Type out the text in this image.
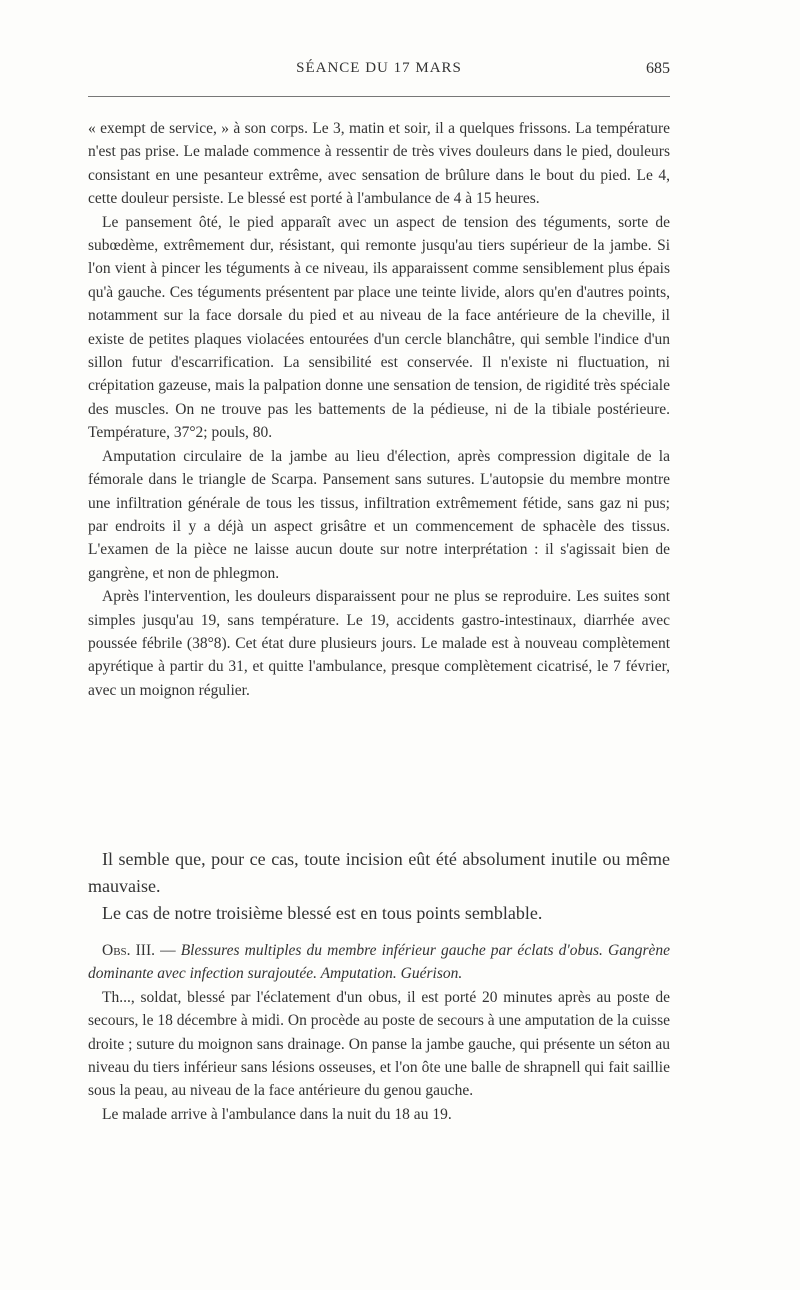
SÉANCE DU 17 MARS	685

« exempt de service, » à son corps. Le 3, matin et soir, il a quelques frissons. La température n'est pas prise. Le malade commence à ressentir de très vives douleurs dans le pied, douleurs consistant en une pesanteur extrême, avec sensation de brûlure dans le bout du pied. Le 4, cette douleur persiste. Le blessé est porté à l'ambulance de 4 à 15 heures.

Le pansement ôté, le pied apparaît avec un aspect de tension des téguments, sorte de subœdème, extrêmement dur, résistant, qui remonte jusqu'au tiers supérieur de la jambe. Si l'on vient à pincer les téguments à ce niveau, ils apparaissent comme sensiblement plus épais qu'à gauche. Ces téguments présentent par place une teinte livide, alors qu'en d'autres points, notamment sur la face dorsale du pied et au niveau de la face antérieure de la cheville, il existe de petites plaques violacées entourées d'un cercle blanchâtre, qui semble l'indice d'un sillon futur d'escarrification. La sensibilité est conservée. Il n'existe ni fluctuation, ni crépitation gazeuse, mais la palpation donne une sensation de tension, de rigidité très spéciale des muscles. On ne trouve pas les battements de la pédieuse, ni de la tibiale postérieure. Température, 37°2; pouls, 80.

Amputation circulaire de la jambe au lieu d'élection, après compression digitale de la fémorale dans le triangle de Scarpa. Pansement sans sutures. L'autopsie du membre montre une infiltration générale de tous les tissus, infiltration extrêmement fétide, sans gaz ni pus; par endroits il y a déjà un aspect grisâtre et un commencement de sphacèle des tissus. L'examen de la pièce ne laisse aucun doute sur notre interprétation : il s'agissait bien de gangrène, et non de phlegmon.

Après l'intervention, les douleurs disparaissent pour ne plus se reproduire. Les suites sont simples jusqu'au 19, sans température. Le 19, accidents gastro-intestinaux, diarrhée avec poussée fébrile (38°8). Cet état dure plusieurs jours. Le malade est à nouveau complètement apyrétique à partir du 31, et quitte l'ambulance, presque complètement cicatrisé, le 7 février, avec un moignon régulier.

Il semble que, pour ce cas, toute incision eût été absolument inutile ou même mauvaise.

Le cas de notre troisième blessé est en tous points semblable.

Obs. III. — Blessures multiples du membre inférieur gauche par éclats d'obus. Gangrène dominante avec infection surajoutée. Amputation. Guérison.

Th..., soldat, blessé par l'éclatement d'un obus, il est porté 20 minutes après au poste de secours, le 18 décembre à midi. On procède au poste de secours à une amputation de la cuisse droite ; suture du moignon sans drainage. On panse la jambe gauche, qui présente un séton au niveau du tiers inférieur sans lésions osseuses, et l'on ôte une balle de shrapnell qui fait saillie sous la peau, au niveau de la face antérieure du genou gauche.

Le malade arrive à l'ambulance dans la nuit du 18 au 19.
